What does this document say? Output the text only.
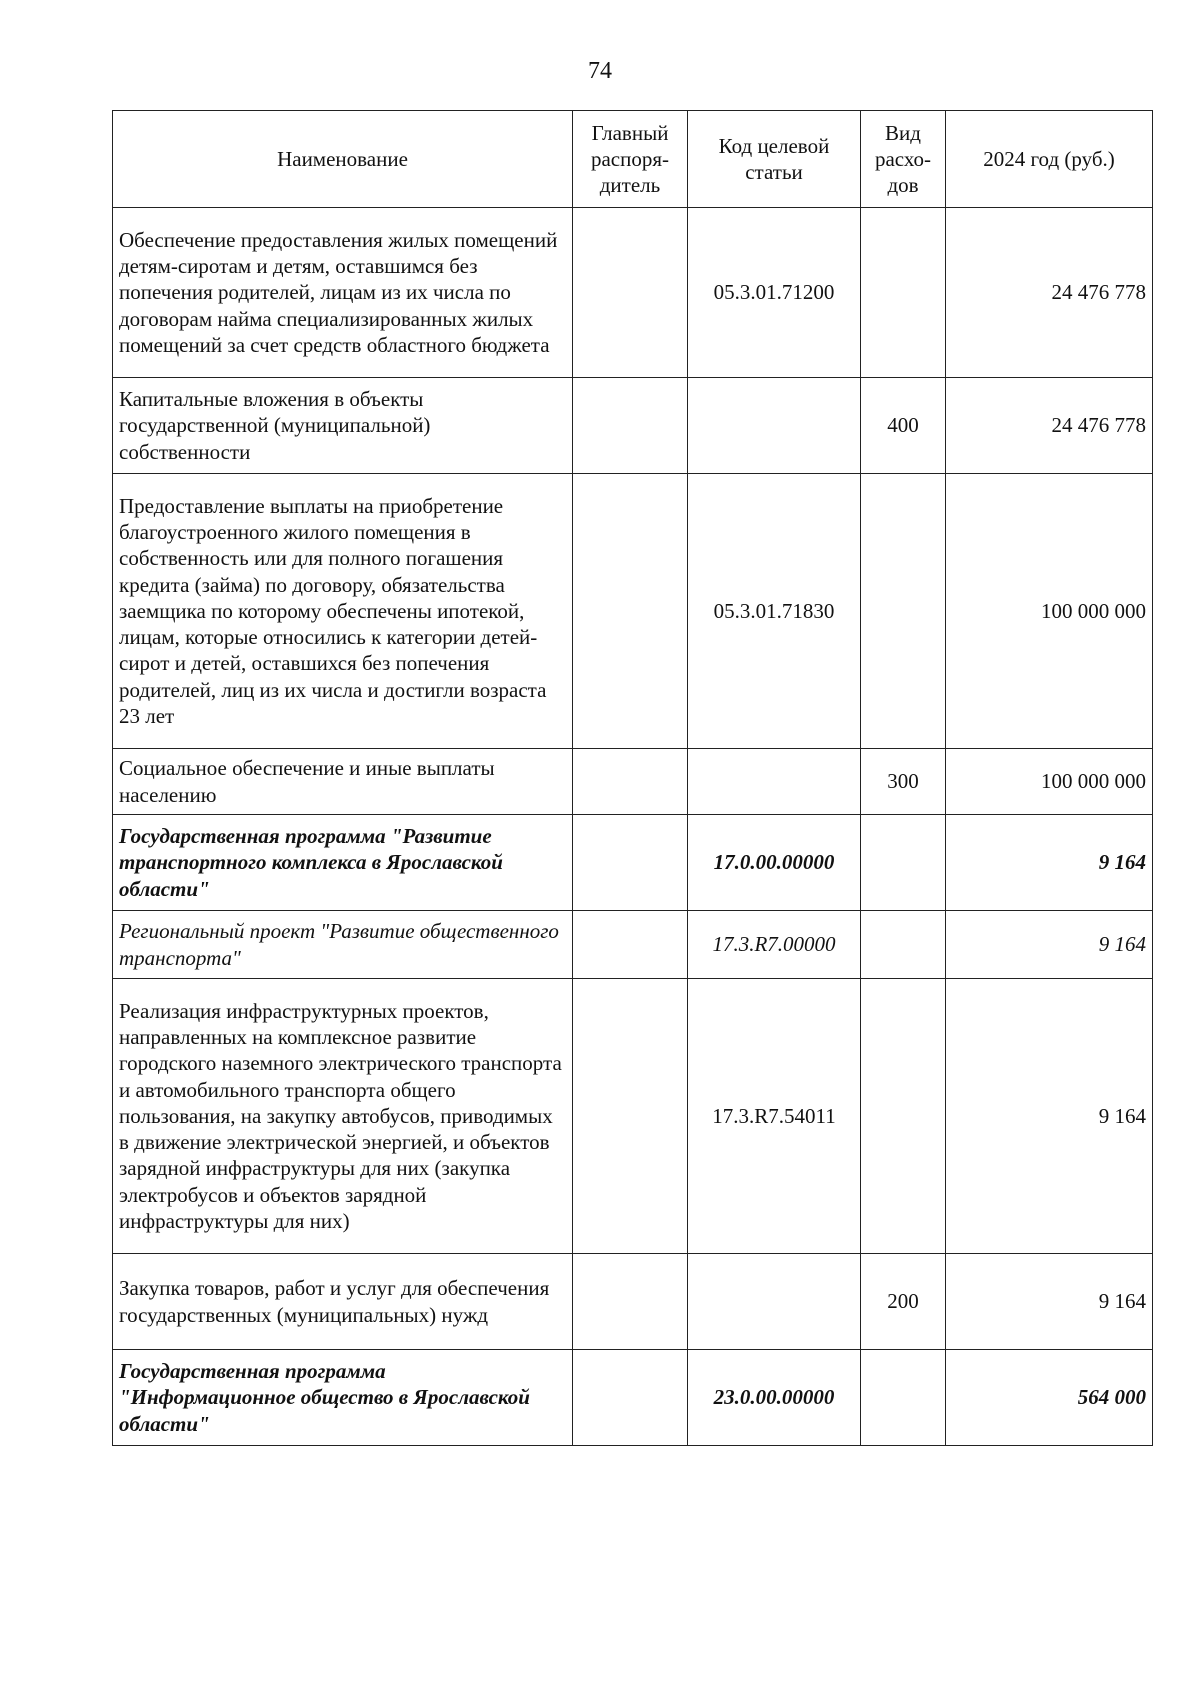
74
Наименование	Главный распоря-дитель	Код целевой статьи	Вид расхо-дов	2024 год (руб.)
Обеспечение предоставления жилых помещений детям-сиротам и детям, оставшимся без попечения родителей, лицам из их числа по договорам найма специализированных жилых помещений за счет средств областного бюджета		05.3.01.71200		24 476 778
Капитальные вложения в объекты государственной (муниципальной) собственности			400	24 476 778
Предоставление выплаты на приобретение благоустроенного жилого помещения в собственность или для полного погашения кредита (займа) по договору, обязательства заемщика по которому обеспечены ипотекой, лицам, которые относились к категории детей-сирот и детей, оставшихся без попечения родителей, лиц из их числа и достигли возраста 23 лет		05.3.01.71830		100 000 000
Социальное обеспечение и иные выплаты населению			300	100 000 000
Государственная программа "Развитие транспортного комплекса в Ярославской области"		17.0.00.00000		9 164
Региональный проект "Развитие общественного транспорта"		17.3.R7.00000		9 164
Реализация инфраструктурных проектов, направленных на комплексное развитие городского наземного электрического транспорта и автомобильного транспорта общего пользования, на закупку автобусов, приводимых в движение электрической энергией, и объектов зарядной инфраструктуры для них (закупка электробусов и объектов зарядной инфраструктуры для них)		17.3.R7.54011		9 164
Закупка товаров, работ и услуг для обеспечения государственных (муниципальных) нужд			200	9 164
Государственная программа "Информационное общество в Ярославской области"		23.0.00.00000		564 000
